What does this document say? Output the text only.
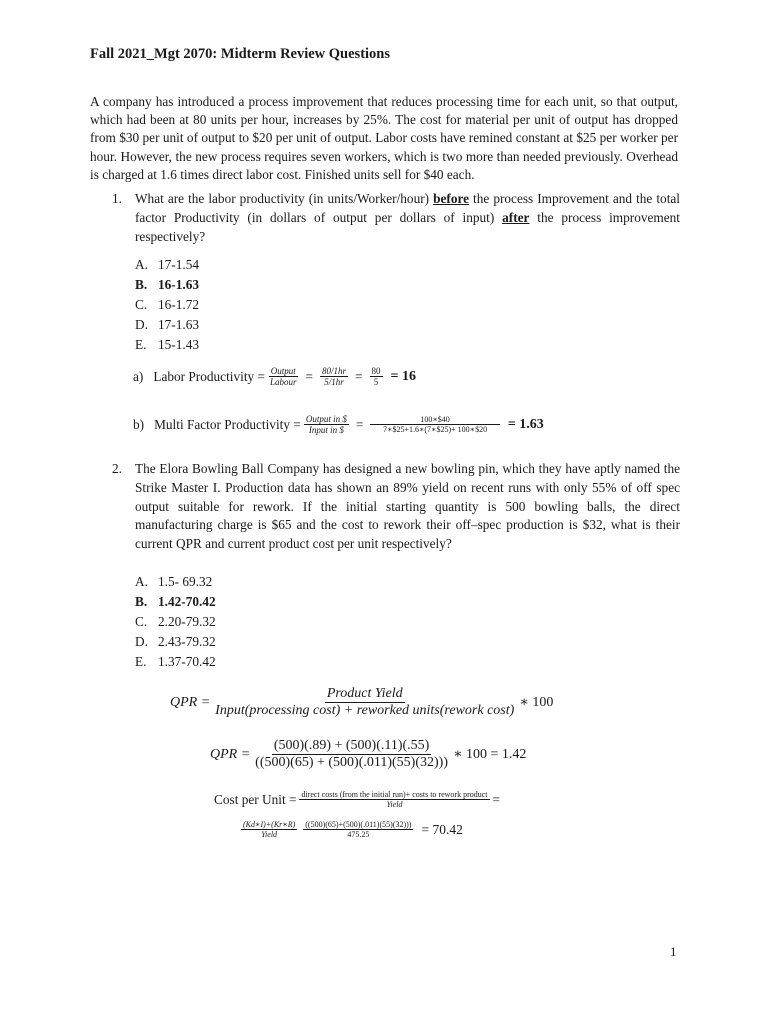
Fall 2021_Mgt 2070: Midterm Review Questions
A company has introduced a process improvement that reduces processing time for each unit, so that output, which had been at 80 units per hour, increases by 25%. The cost for material per unit of output has dropped from $30 per unit of output to $20 per unit of output. Labor costs have remined constant at $25 per worker per hour. However, the new process requires seven workers, which is two more than needed previously. Overhead is charged at 1.6 times direct labor cost. Finished units sell for $40 each.
1. What are the labor productivity (in units/Worker/hour) before the process Improvement and the total factor Productivity (in dollars of output per dollars of input) after the process improvement respectively?
A. 17-1.54
B. 16-1.63
C. 16-1.72
D. 17-1.63
E. 15-1.43
a) Labor Productivity = $\frac{\text{Output}}{\text{Labour}} = \frac{80/1hr}{5/1hr} = \frac{80}{5} = 16$
b) Multi Factor Productivity = $\frac{\text{Output in \$}}{\text{Input in \$}} = \frac{100∗\$40}{7∗\$25+1.6∗(7∗\$25)+ 100∗\$20} = 1.63$
2. The Elora Bowling Ball Company has designed a new bowling pin, which they have aptly named the Strike Master I. Production data has shown an 89% yield on recent runs with only 55% of off spec output suitable for rework. If the initial starting quantity is 500 bowling balls, the direct manufacturing charge is $65 and the cost to rework their off–spec production is $32, what is their current QPR and current product cost per unit respectively?
A. 1.5- 69.32
B. 1.42-70.42
C. 2.20-79.32
D. 2.43-79.32
E. 1.37-70.42
QPR = $\frac{\text{Product Yield}}{\text{Input(processing cost) + reworked units(rework cost)}}$ ∗ 100
QPR = $\frac{(500)(.89) + (500)(.11)(.55)}{((500)(65) + (500)(.011)(55)(32)))}$ ∗ 100 = 1.42
Cost per Unit = $\frac{\text{direct costs (from the initial run)+ costs to rework product}}{\text{Yield}}$ =
$\frac{(Kd∗I)+(Kr∗R)}{\text{Yield}} \frac{((500)(65)+(500)(.011)(55)(32)))}{475.25} = 70.42$
1
